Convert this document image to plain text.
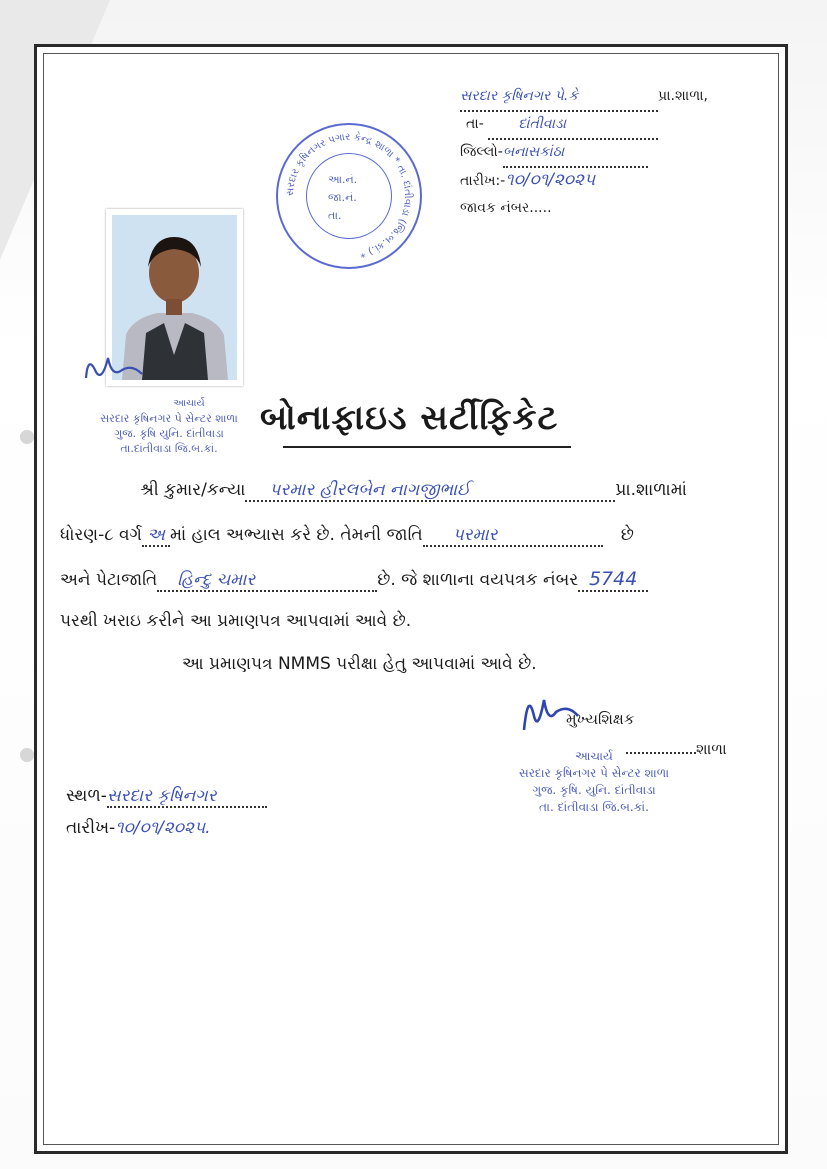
સરદાર કૃષિનગર પે.કે	પ્રા.શાળા,
તા- દાંતીવાડા
જિલ્લો-બનાસકાંઠા
તારીખ:-૧૦/૦૧/૨૦૨૫
જાવક નંબર.....
સરદાર કૃષિનગર પગાર કેન્દ્ર શાળા * તા. દાંતીવાડા (જિ.બ.કાં.) *
આ.નં.
જા.નં.
તા.
આચાર્ય
સરદાર કૃષિનગર પે સેન્ટર શાળા
ગુજ. કૃષિ યુનિ. દાંતીવાડા
તા.દાંતીવાડા જિ.બ.કાં.
બોનાફાઇડ સર્ટીફિકેટ
શ્રી કુમાર/કન્યા પરમાર હીરલબેન નાગજીભાઈ	પ્રા.શાળામાં
ધોરણ-૮ વર્ગ અ માં હાલ અભ્યાસ કરે છે. તેમની જાતિ પરમાર	છે
અને પેટાજાતિ હિન્દુ ચમાર	છે. જે શાળાના વયપત્રક નંબર 5744
પરથી ખરાઇ કરીને આ પ્રમાણપત્ર આપવામાં આવે છે.
આ પ્રમાણપત્ર NMMS પરીક્ષા હેતુ આપવામાં આવે છે.
મુખ્યશિક્ષક
આચાર્ય
સરદાર કૃષિનગર પે સેન્ટર શાળા
ગુજ. કૃષિ. યુનિ. દાંતીવાડા
તા. દાંતીવાડા જિ.બ.કાં.
શાળા
સ્થળ-સરદાર કૃષિનગર
તારીખ-૧૦/૦૧/૨૦૨૫.
